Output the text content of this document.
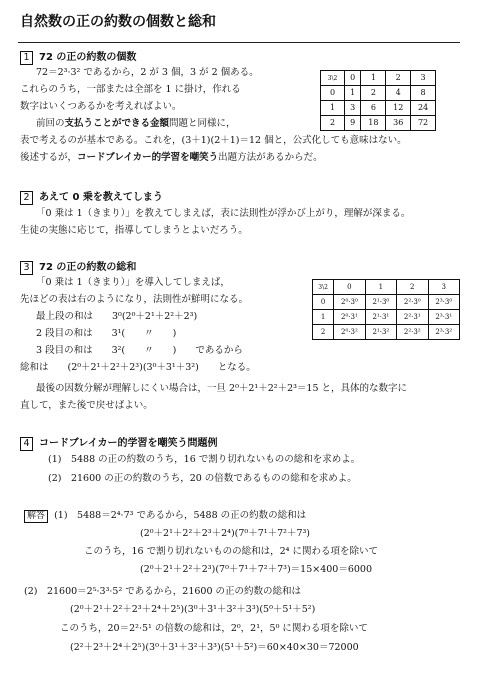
自然数の正の約数の個数と総和
1 72 の正の約数の個数
72＝2³·3² であるから，2 が 3 個，3 が 2 個ある。
これらのうち，一部または全部を 1 に掛け，作れる
数字はいくつあるかを考えればよい。
前回の支払うことができる金額問題と同様に，
表で考えるのが基本である。これを，(3＋1)(2＋1)＝12 個と，公式化しても意味はない。
後述するが，コードブレイカー的学習を嘲笑う出題方法があるからだ。
3\2	0	1	2	3
0	1	2	4	8
1	3	6	12	24
2	9	18	36	72
2 あえて 0 乗を教えてしまう
「0 乗は 1（きまり）」を教えてしまえば，表に法則性が浮かび上がり，理解が深まる。
生徒の実態に応じて，指導してしまうとよいだろう。
3 72 の正の約数の総和
「0 乗は 1（きまり）」を導入してしまえば，
先ほどの表は右のようになり，法則性が鮮明になる。
最上段の和は　　3⁰(2⁰＋2¹＋2²＋2³)
2 段目の和は　　3¹(　　〃　　)
3 段目の和は　　3²(　　〃　　)　　であるから
総和は　　(2⁰＋2¹＋2²＋2³)(3⁰＋3¹＋3²)　　となる。
最後の因数分解が理解しにくい場合は，一旦 2⁰＋2¹＋2²＋2³＝15 と，具体的な数字に
直して，また後で戻せばよい。
3\2	0	1	2	3
0	2⁰·3⁰	2¹·3⁰	2²·3⁰	2³·3⁰
1	2⁰·3¹	2¹·3¹	2²·3¹	2³·3¹
2	2⁰·3²	2¹·3²	2²·3²	2³·3²
4 コードブレイカー的学習を嘲笑う問題例
(1)　5488 の正の約数のうち，16 で割り切れないものの総和を求めよ。
(2)　21600 の正の約数のうち，20 の倍数であるものの総和を求めよ。
解答 (1)　5488＝2⁴·7³ であるから，5488 の正の約数の総和は
(2⁰＋2¹＋2²＋2³＋2⁴)(7⁰＋7¹＋7²＋7³)
このうち，16 で割り切れないものの総和は，2⁴ に関わる項を除いて
(2⁰＋2¹＋2²＋2³)(7⁰＋7¹＋7²＋7³)＝15×400＝6000
(2)　21600＝2⁵·3³·5² であるから，21600 の正の約数の総和は
(2⁰＋2¹＋2²＋2³＋2⁴＋2⁵)(3⁰＋3¹＋3²＋3³)(5⁰＋5¹＋5²)
このうち，20＝2²·5¹ の倍数の総和は，2⁰，2¹，5⁰ に関わる項を除いて
(2²＋2³＋2⁴＋2⁵)(3⁰＋3¹＋3²＋3³)(5¹＋5²)＝60×40×30＝72000
